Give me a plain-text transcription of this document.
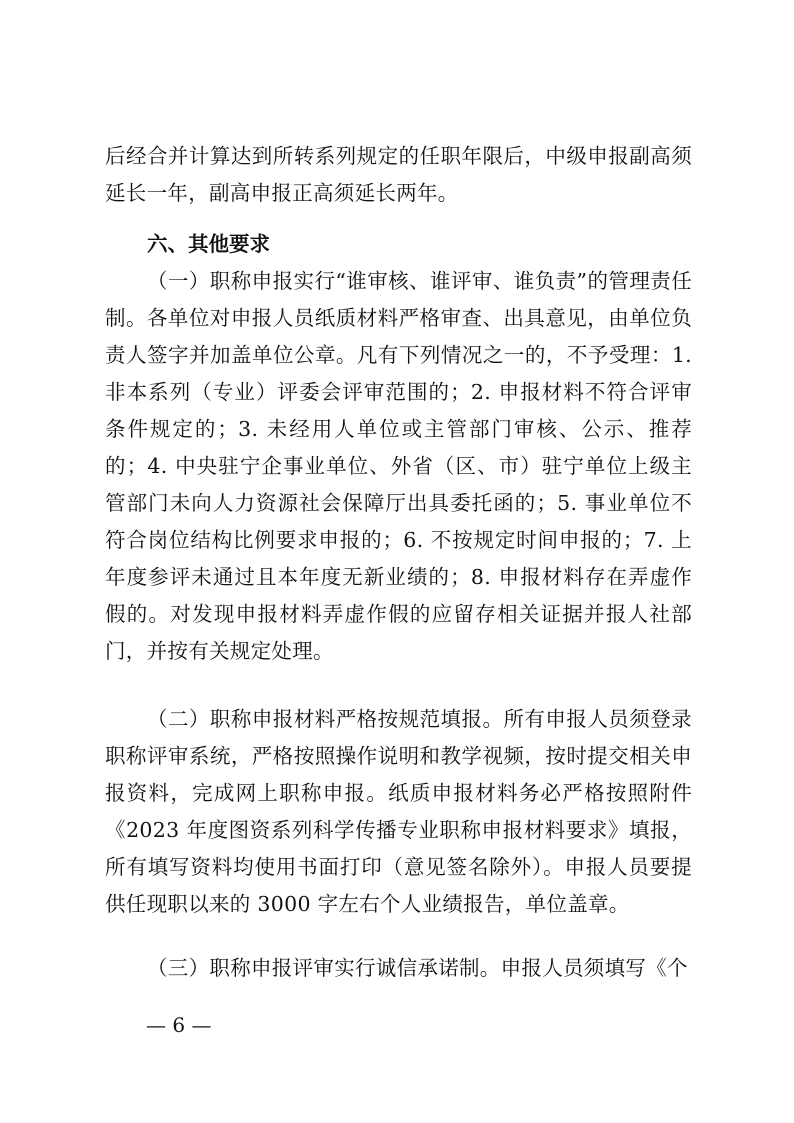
后经合并计算达到所转系列规定的任职年限后，中级申报副高须延长一年，副高申报正高须延长两年。

六、其他要求

（一）职称申报实行“谁审核、谁评审、谁负责”的管理责任制。各单位对申报人员纸质材料严格审查、出具意见，由单位负责人签字并加盖单位公章。凡有下列情况之一的，不予受理：1. 非本系列（专业）评委会评审范围的；2. 申报材料不符合评审条件规定的；3. 未经用人单位或主管部门审核、公示、推荐的；4. 中央驻宁企事业单位、外省（区、市）驻宁单位上级主管部门未向人力资源社会保障厅出具委托函的；5. 事业单位不符合岗位结构比例要求申报的；6. 不按规定时间申报的；7. 上年度参评未通过且本年度无新业绩的；8. 申报材料存在弄虚作假的。对发现申报材料弄虚作假的应留存相关证据并报人社部门，并按有关规定处理。

（二）职称申报材料严格按规范填报。所有申报人员须登录职称评审系统，严格按照操作说明和教学视频，按时提交相关申报资料，完成网上职称申报。纸质申报材料务必严格按照附件《2023 年度图资系列科学传播专业职称申报材料要求》填报，所有填写资料均使用书面打印（意见签名除外）。申报人员要提供任现职以来的 3000 字左右个人业绩报告，单位盖章。

（三）职称申报评审实行诚信承诺制。申报人员须填写《个

— 6 —
